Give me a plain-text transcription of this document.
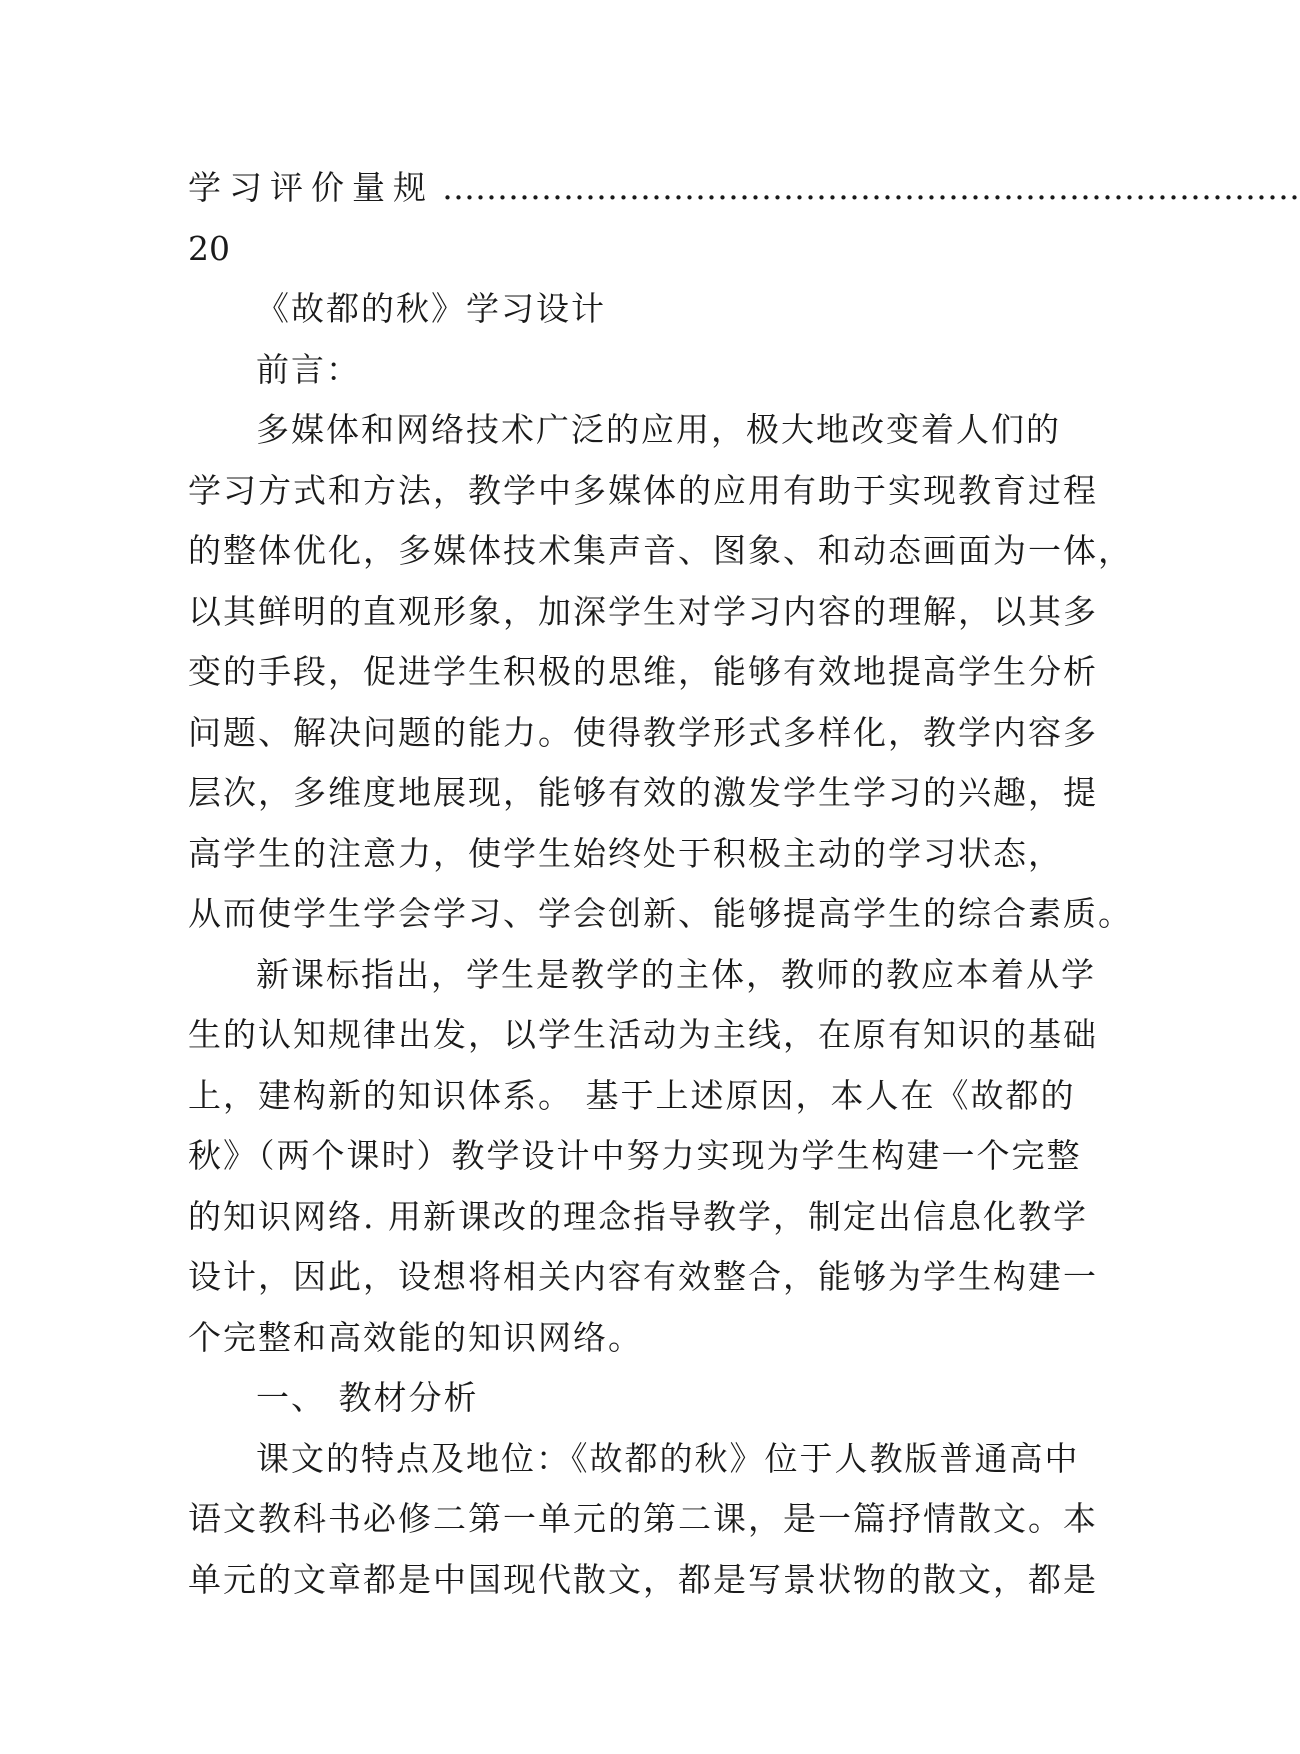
学习评价量规 ……………………………………………………………………
20
《故都的秋》学习设计
前言：
多媒体和网络技术广泛的应用，极大地改变着人们的
学习方式和方法，教学中多媒体的应用有助于实现教育过程
的整体优化，多媒体技术集声音、图象、和动态画面为一体，
以其鲜明的直观形象，加深学生对学习内容的理解，以其多
变的手段，促进学生积极的思维，能够有效地提高学生分析
问题、解决问题的能力。使得教学形式多样化，教学内容多
层次，多维度地展现，能够有效的激发学生学习的兴趣，提
高学生的注意力，使学生始终处于积极主动的学习状态，
从而使学生学会学习、学会创新、能够提高学生的综合素质。
新课标指出，学生是教学的主体，教师的教应本着从学
生的认知规律出发，以学生活动为主线，在原有知识的基础
上，建构新的知识体系。 基于上述原因，本人在《故都的
秋》（两个课时）教学设计中努力实现为学生构建一个完整
的知识网络. 用新课改的理念指导教学，制定出信息化教学
设计，因此，设想将相关内容有效整合，能够为学生构建一
个完整和高效能的知识网络。
一、 教材分析
课文的特点及地位：《故都的秋》位于人教版普通高中
语文教科书必修二第一单元的第二课，是一篇抒情散文。本
单元的文章都是中国现代散文，都是写景状物的散文，都是
